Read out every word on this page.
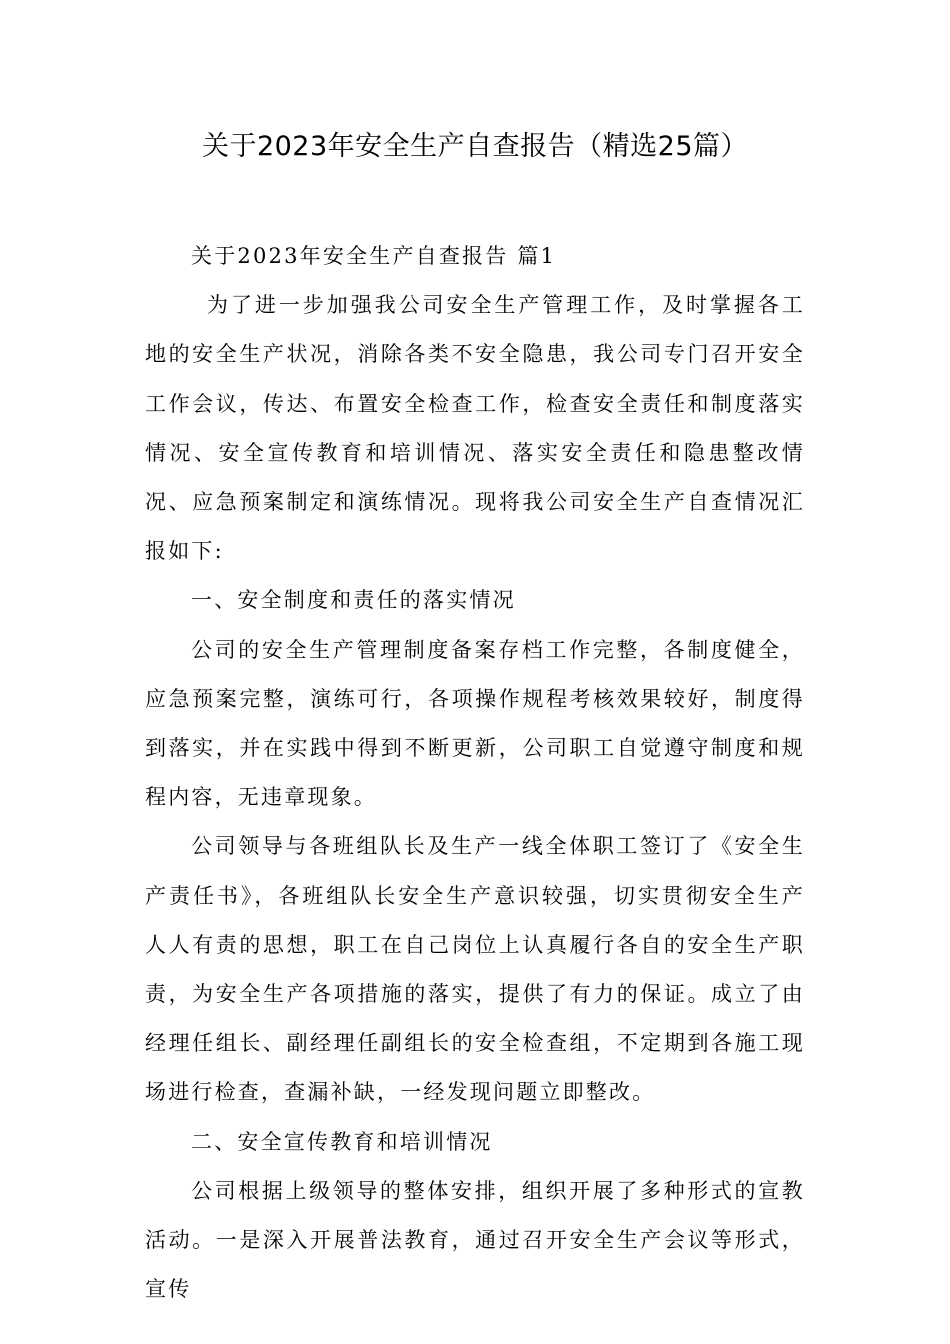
关于2023年安全生产自查报告（精选25篇）

关于2023年安全生产自查报告 篇1

为了进一步加强我公司安全生产管理工作，及时掌握各工地的安全生产状况，消除各类不安全隐患，我公司专门召开安全工作会议，传达、布置安全检查工作，检查安全责任和制度落实情况、安全宣传教育和培训情况、落实安全责任和隐患整改情况、应急预案制定和演练情况。现将我公司安全生产自查情况汇报如下:

一、安全制度和责任的落实情况

公司的安全生产管理制度备案存档工作完整，各制度健全，应急预案完整，演练可行，各项操作规程考核效果较好，制度得到落实，并在实践中得到不断更新，公司职工自觉遵守制度和规程内容，无违章现象。

公司领导与各班组队长及生产一线全体职工签订了《安全生产责任书》，各班组队长安全生产意识较强，切实贯彻安全生产人人有责的思想，职工在自己岗位上认真履行各自的安全生产职责，为安全生产各项措施的落实，提供了有力的保证。成立了由经理任组长、副经理任副组长的安全检查组，不定期到各施工现场进行检查，查漏补缺，一经发现问题立即整改。

二、安全宣传教育和培训情况

公司根据上级领导的整体安排，组织开展了多种形式的宣教活动。一是深入开展普法教育，通过召开安全生产会议等形式，宣传
